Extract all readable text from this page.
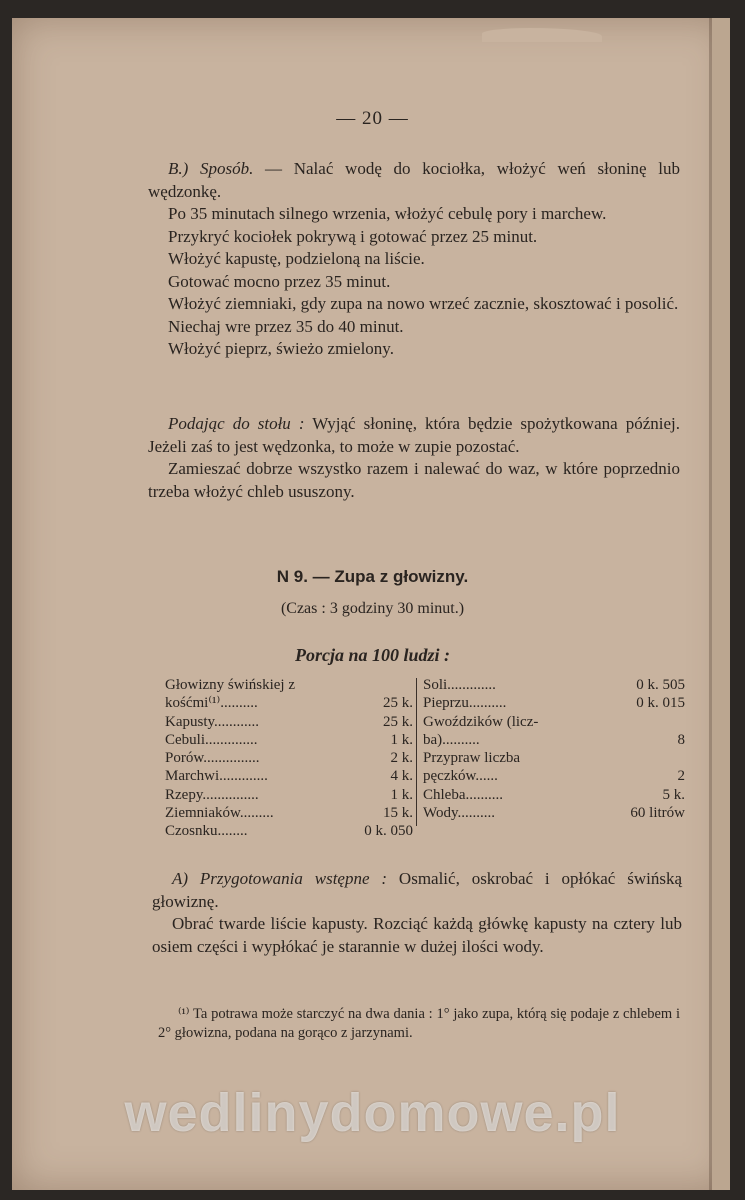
— 20 —

B.) Sposób. — Nalać wodę do kociołka, włożyć weń słoninę lub wędzonkę.

Po 35 minutach silnego wrzenia, włożyć cebulę pory i marchew.

Przykryć kociołek pokrywą i gotować przez 25 minut.

Włożyć kapustę, podzieloną na liście.

Gotować mocno przez 35 minut.

Włożyć ziemniaki, gdy zupa na nowo wrzeć zacznie, skosztować i posolić.

Niechaj wre przez 35 do 40 minut.

Włożyć pieprz, świeżo zmielony.

Podając do stołu : Wyjąć słoninę, która będzie spożytkowana później. Jeżeli zaś to jest wędzonka, to może w zupie pozostać.

Zamieszać dobrze wszystko razem i nalewać do waz, w które poprzednio trzeba włożyć chleb ususzony.

N 9. — Zupa z głowizny.
(Czas : 3 godziny 30 minut.)
Porcja na 100 ludzi :
Głowizny świńskiej z
kośćmi⁽¹⁾..........	25 k.
Kapusty............	25 k.
Cebuli..............	1 k.
Porów...............	2 k.
Marchwi.............	4 k.
Rzepy...............	1 k.
Ziemniaków.........	15 k.
Czosnku........	0 k. 050
Soli.............	0 k. 505
Pieprzu..........	0 k. 015
Gwoździków (licz-
ba)..........	8
Przypraw liczba
pęczków......	2
Chleba..........	5 k.
Wody..........	60 litrów

A) Przygotowania wstępne : Osmalić, oskrobać i opłókać świńską głowiznę.

Obrać twarde liście kapusty. Rozciąć każdą główkę kapusty na cztery lub osiem części i wypłókać je starannie w dużej ilości wody.

⁽¹⁾ Ta potrawa może starczyć na dwa dania : 1° jako zupa, którą się podaje z chlebem i 2° głowizna, podana na gorąco z jarzynami.

wedlinydomowe.pl
